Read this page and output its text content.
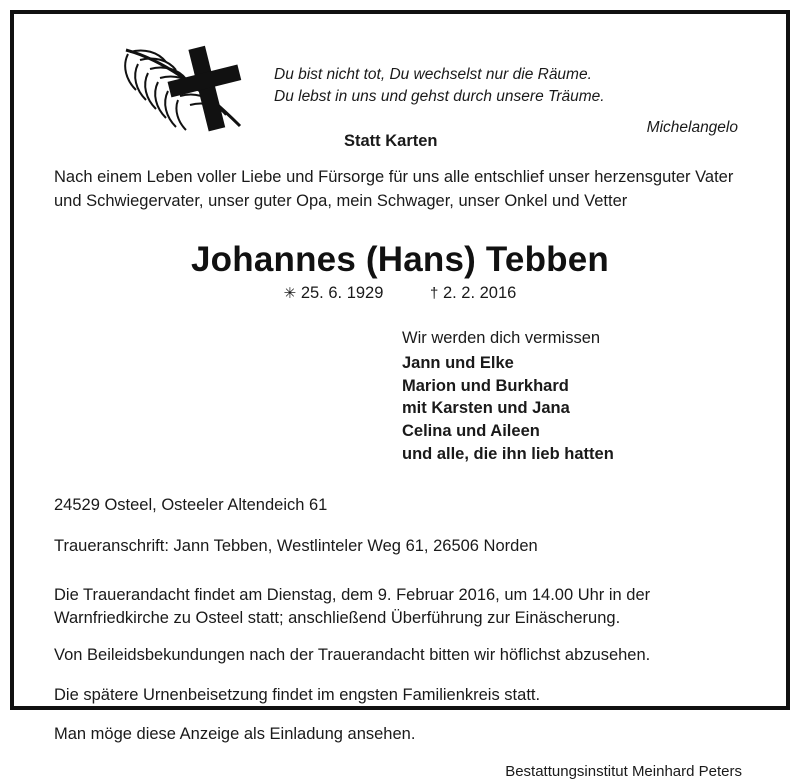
Du bist nicht tot, Du wechselst nur die Räume.
Du lebst in uns und gehst durch unsere Träume.
Michelangelo
Statt Karten

Nach einem Leben voller Liebe und Fürsorge für uns alle entschlief unser herzensguter Vater und Schwiegervater, unser guter Opa, mein Schwager, unser Onkel und Vetter

Johannes (Hans) Tebben
✳ 25. 6. 1929	† 2. 2. 2016
Wir werden dich vermissen
Jann und Elke
Marion und Burkhard
mit Karsten und Jana
Celina und Aileen
und alle, die ihn lieb hatten
24529 Osteel, Osteeler Altendeich 61
Traueranschrift: Jann Tebben, Westlinteler Weg 61, 26506 Norden

Die Trauerandacht findet am Dienstag, dem 9. Februar 2016, um 14.00 Uhr in der Warnfriedkirche zu Osteel statt; anschließend Überführung zur Einäscherung.

Von Beileidsbekundungen nach der Trauerandacht bitten wir höflichst abzusehen.

Die spätere Urnenbeisetzung findet im engsten Familienkreis statt.

Man möge diese Anzeige als Einladung ansehen.

Bestattungsinstitut Meinhard Peters
